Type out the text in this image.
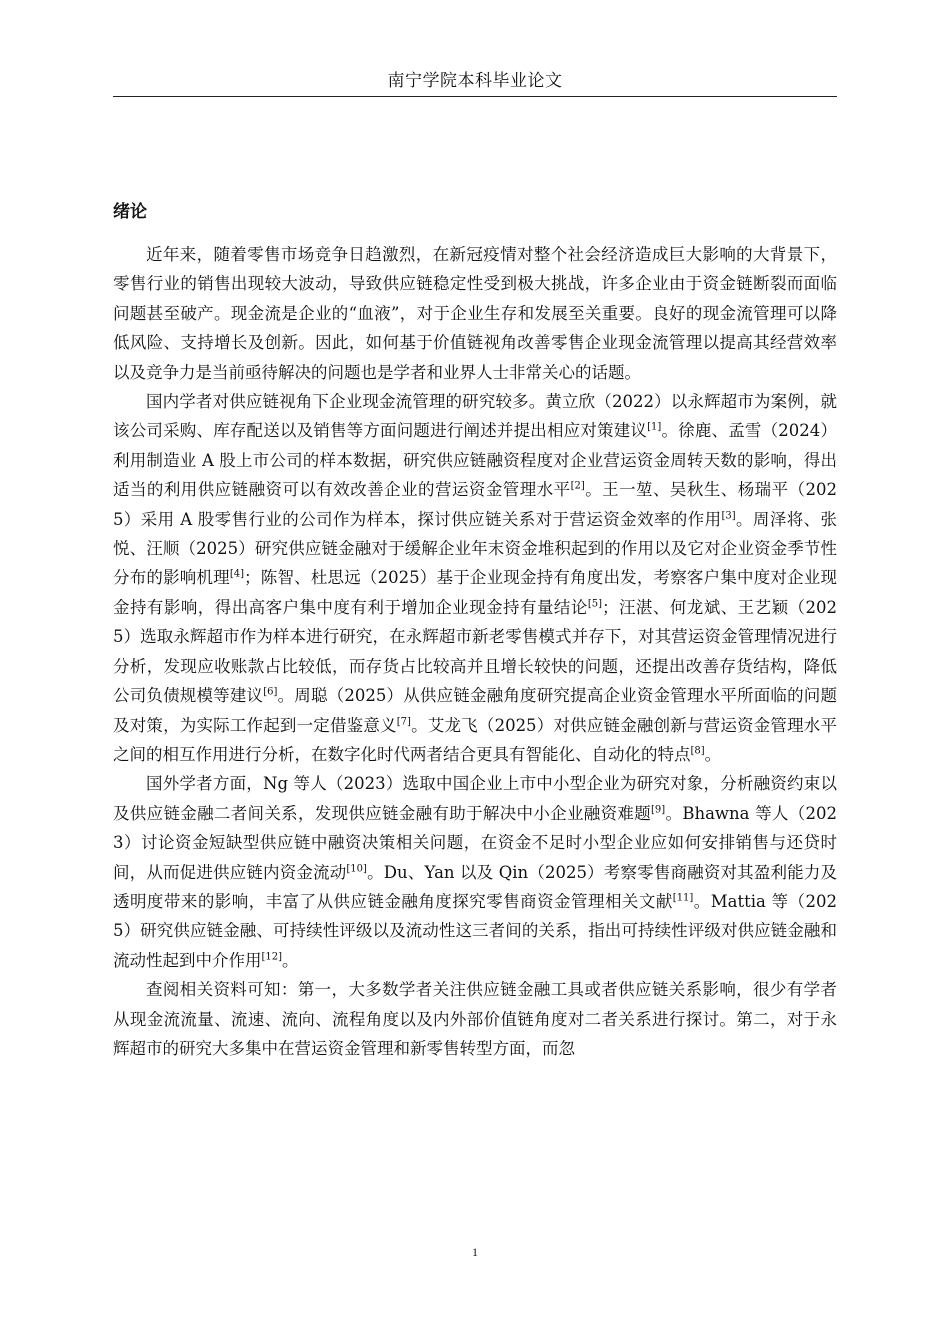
南宁学院本科毕业论文
绪论

近年来，随着零售市场竞争日趋激烈，在新冠疫情对整个社会经济造成巨大影响的大背景下，零售行业的销售出现较大波动，导致供应链稳定性受到极大挑战，许多企业由于资金链断裂而面临问题甚至破产。现金流是企业的“血液”，对于企业生存和发展至关重要。良好的现金流管理可以降低风险、支持增长及创新。因此，如何基于价值链视角改善零售企业现金流管理以提高其经营效率以及竞争力是当前亟待解决的问题也是学者和业界人士非常关心的话题。

国内学者对供应链视角下企业现金流管理的研究较多。黄立欣（2022）以永辉超市为案例，就该公司采购、库存配送以及销售等方面问题进行阐述并提出相应对策建议[1]。徐鹿、孟雪（2024）利用制造业 A 股上市公司的样本数据，研究供应链融资程度对企业营运资金周转天数的影响，得出适当的利用供应链融资可以有效改善企业的营运资金管理水平[2]。王一堃、吴秋生、杨瑞平（2025）采用 A 股零售行业的公司作为样本，探讨供应链关系对于营运资金效率的作用[3]。周泽将、张悦、汪顺（2025）研究供应链金融对于缓解企业年末资金堆积起到的作用以及它对企业资金季节性分布的影响机理[4]；陈智、杜思远（2025）基于企业现金持有角度出发，考察客户集中度对企业现金持有影响，得出高客户集中度有利于增加企业现金持有量结论[5]；汪湛、何龙斌、王艺颖（2025）选取永辉超市作为样本进行研究，在永辉超市新老零售模式并存下，对其营运资金管理情况进行分析，发现应收账款占比较低，而存货占比较高并且增长较快的问题，还提出改善存货结构，降低公司负债规模等建议[6]。周聪（2025）从供应链金融角度研究提高企业资金管理水平所面临的问题及对策，为实际工作起到一定借鉴意义[7]。艾龙飞（2025）对供应链金融创新与营运资金管理水平之间的相互作用进行分析，在数字化时代两者结合更具有智能化、自动化的特点[8]。

国外学者方面，Ng 等人（2023）选取中国企业上市中小型企业为研究对象，分析融资约束以及供应链金融二者间关系，发现供应链金融有助于解决中小企业融资难题[9]。Bhawna 等人（2023）讨论资金短缺型供应链中融资决策相关问题，在资金不足时小型企业应如何安排销售与还贷时间，从而促进供应链内资金流动[10]。Du、Yan 以及 Qin（2025）考察零售商融资对其盈利能力及透明度带来的影响，丰富了从供应链金融角度探究零售商资金管理相关文献[11]。Mattia 等（2025）研究供应链金融、可持续性评级以及流动性这三者间的关系，指出可持续性评级对供应链金融和流动性起到中介作用[12]。

查阅相关资料可知：第一，大多数学者关注供应链金融工具或者供应链关系影响，很少有学者从现金流流量、流速、流向、流程角度以及内外部价值链角度对二者关系进行探讨。第二，对于永辉超市的研究大多集中在营运资金管理和新零售转型方面，而忽

1
